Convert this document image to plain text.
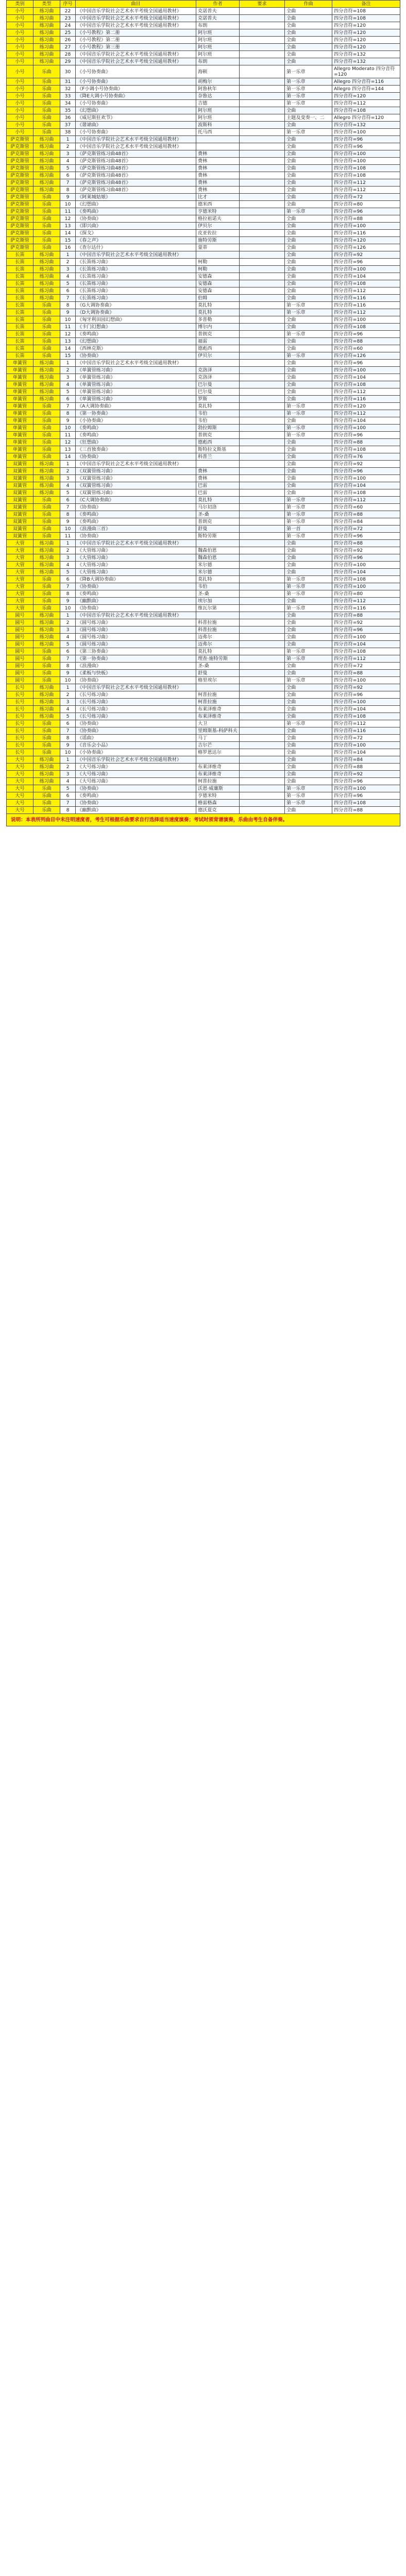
类别	类型	序号	曲目	作者	要求	作曲	备注
小号	练习曲	22	《中国音乐学院社会艺术水平考级全国通用教材》	克诺普夫		全曲	四分音符=108
小号	练习曲	23	《中国音乐学院社会艺术水平考级全国通用教材》	克诺普夫		全曲	四分音符=108
小号	练习曲	24	《中国音乐学院社会艺术水平考级全国通用教材》	布朗		全曲	四分音符=120
小号	练习曲	25	《小号教程》第二册	阿尔班		全曲	四分音符=120
小号	练习曲	26	《小号教程》第二册	阿尔班		全曲	四分音符=120
小号	练习曲	27	《小号教程》第三册	阿尔班		全曲	四分音符=120
小号	练习曲	28	《中国音乐学院社会艺术水平考级全国通用教材》	阿尔班		全曲	四分音符=132
小号	练习曲	29	《中国音乐学院社会艺术水平考级全国通用教材》	布朗		全曲	四分音符=132
小号	乐曲	30	《小号协奏曲》	海顿		第一乐章	Allegro Moderato 四分音符=120
小号	乐曲	31	《小号协奏曲》	胡梅尔		第一乐章	Allegro 四分音符=116
小号	乐曲	32	《F小调小号协奏曲》	阿鲁秋年		第一乐章	Allegro 四分音符=144
小号	乐曲	33	《降E大调小号协奏曲》	奈鲁达		第一乐章	四分音符=120
小号	乐曲	34	《小号协奏曲》	吉德		第一乐章	四分音符=112
小号	乐曲	35	《幻想曲》	阿尔班		全曲	四分音符=108
小号	乐曲	36	《威尼斯狂欢节》	阿尔班		主题及变奏一、二	Allegro 四分音符=120
小号	乐曲	37	《谐谑曲》	波斯科		全曲	四分音符=132
小号	乐曲	38	《小号协奏曲》	托马西		第一乐章	四分音符=100
萨克斯管	练习曲	1	《中国音乐学院社会艺术水平考级全国通用教材》			全曲	四分音符=96
萨克斯管	练习曲	2	《中国音乐学院社会艺术水平考级全国通用教材》			全曲	四分音符=96
萨克斯管	练习曲	3	《萨克斯管练习曲48首》	费林		全曲	四分音符=100
萨克斯管	练习曲	4	《萨克斯管练习曲48首》	费林		全曲	四分音符=100
萨克斯管	练习曲	5	《萨克斯管练习曲48首》	费林		全曲	四分音符=108
萨克斯管	练习曲	6	《萨克斯管练习曲48首》	费林		全曲	四分音符=108
萨克斯管	练习曲	7	《萨克斯管练习曲48首》	费林		全曲	四分音符=112
萨克斯管	练习曲	8	《萨克斯管练习曲48首》	费林		全曲	四分音符=112
萨克斯管	乐曲	9	《阿莱城姑娘》	比才		全曲	四分音符=72
萨克斯管	乐曲	10	《幻想曲》	德米西		全曲	四分音符=80
萨克斯管	乐曲	11	《奏鸣曲》	亨德米特		第一乐章	四分音符=96
萨克斯管	乐曲	12	《协奏曲》	格拉祖诺夫		全曲	四分音符=88
萨克斯管	乐曲	13	《即兴曲》	伊贝尔		全曲	四分音符=100
萨克斯管	乐曲	14	《探戈》	皮亚佐拉		全曲	四分音符=116
萨克斯管	乐曲	15	《春之声》	施特劳斯		全曲	四分音符=120
萨克斯管	乐曲	16	《查尔达什》	蒙蒂		全曲	四分音符=126
长笛	练习曲	1	《中国音乐学院社会艺术水平考级全国通用教材》			全曲	四分音符=92
长笛	练习曲	2	《长笛练习曲》	柯勒		全曲	四分音符=96
长笛	练习曲	3	《长笛练习曲》	柯勒		全曲	四分音符=100
长笛	练习曲	4	《长笛练习曲》	安德森		全曲	四分音符=104
长笛	练习曲	5	《长笛练习曲》	安德森		全曲	四分音符=108
长笛	练习曲	6	《长笛练习曲》	安德森		全曲	四分音符=112
长笛	练习曲	7	《长笛练习曲》	伯姆		全曲	四分音符=116
长笛	乐曲	8	《G大调协奏曲》	莫扎特		第一乐章	四分音符=116
长笛	乐曲	9	《D大调协奏曲》	莫扎特		第一乐章	四分音符=112
长笛	乐曲	10	《匈牙利田园幻想曲》	多普勒		全曲	四分音符=100
长笛	乐曲	11	《卡门幻想曲》	博尔内		全曲	四分音符=108
长笛	乐曲	12	《奏鸣曲》	普朗克		第一乐章	四分音符=96
长笛	乐曲	13	《幻想曲》	福雷		全曲	四分音符=88
长笛	乐曲	14	《西林克斯》	德彪西		全曲	四分音符=60
长笛	乐曲	15	《协奏曲》	伊贝尔		第一乐章	四分音符=126
单簧管	练习曲	1	《中国音乐学院社会艺术水平考级全国通用教材》			全曲	四分音符=96
单簧管	练习曲	2	《单簧管练习曲》	克洛泽		全曲	四分音符=100
单簧管	练习曲	3	《单簧管练习曲》	克洛泽		全曲	四分音符=104
单簧管	练习曲	4	《单簧管练习曲》	巴尔曼		全曲	四分音符=108
单簧管	练习曲	5	《单簧管练习曲》	巴尔曼		全曲	四分音符=112
单簧管	练习曲	6	《单簧管练习曲》	罗斯		全曲	四分音符=116
单簧管	乐曲	7	《A大调协奏曲》	莫扎特		第一乐章	四分音符=120
单簧管	乐曲	8	《第一协奏曲》	韦伯		第一乐章	四分音符=112
单簧管	乐曲	9	《小协奏曲》	韦伯		全曲	四分音符=104
单簧管	乐曲	10	《奏鸣曲》	勃拉姆斯		第一乐章	四分音符=100
单簧管	乐曲	11	《奏鸣曲》	普朗克		第一乐章	四分音符=96
单簧管	乐曲	12	《狂想曲》	德彪西		全曲	四分音符=88
单簧管	乐曲	13	《三首独奏曲》	斯特拉文斯基		全曲	四分音符=108
单簧管	乐曲	14	《协奏曲》	科普兰		全曲	四分音符=76
双簧管	练习曲	1	《中国音乐学院社会艺术水平考级全国通用教材》			全曲	四分音符=92
双簧管	练习曲	2	《双簧管练习曲》	费林		全曲	四分音符=96
双簧管	练习曲	3	《双簧管练习曲》	费林		全曲	四分音符=100
双簧管	练习曲	4	《双簧管练习曲》	巴雷		全曲	四分音符=104
双簧管	练习曲	5	《双簧管练习曲》	巴雷		全曲	四分音符=108
双簧管	乐曲	6	《C大调协奏曲》	莫扎特		第一乐章	四分音符=112
双簧管	乐曲	7	《协奏曲》	马尔切洛		第一乐章	四分音符=60
双簧管	乐曲	8	《奏鸣曲》	圣-桑		第一乐章	四分音符=88
双簧管	乐曲	9	《奏鸣曲》	普朗克		第一乐章	四分音符=84
双簧管	乐曲	10	《浪漫曲三首》	舒曼		第一首	四分音符=72
双簧管	乐曲	11	《协奏曲》	斯特劳斯		第一乐章	四分音符=96
大管	练习曲	1	《中国音乐学院社会艺术水平考级全国通用教材》			全曲	四分音符=88
大管	练习曲	2	《大管练习曲》	魏森伯恩		全曲	四分音符=92
大管	练习曲	3	《大管练习曲》	魏森伯恩		全曲	四分音符=96
大管	练习曲	4	《大管练习曲》	米尔德		全曲	四分音符=100
大管	练习曲	5	《大管练习曲》	米尔德		全曲	四分音符=104
大管	乐曲	6	《降B大调协奏曲》	莫扎特		第一乐章	四分音符=108
大管	乐曲	7	《协奏曲》	韦伯		第一乐章	四分音符=100
大管	乐曲	8	《奏鸣曲》	圣-桑		第一乐章	四分音符=80
大管	乐曲	9	《幽默曲》	埃尔加		全曲	四分音符=112
大管	乐曲	10	《协奏曲》	维瓦尔第		第一乐章	四分音符=116
圆号	练习曲	1	《中国音乐学院社会艺术水平考级全国通用教材》			全曲	四分音符=88
圆号	练习曲	2	《圆号练习曲》	科普拉施		全曲	四分音符=92
圆号	练习曲	3	《圆号练习曲》	科普拉施		全曲	四分音符=96
圆号	练习曲	4	《圆号练习曲》	迈弗尔		全曲	四分音符=100
圆号	练习曲	5	《圆号练习曲》	迈弗尔		全曲	四分音符=104
圆号	乐曲	6	《第三协奏曲》	莫扎特		第一乐章	四分音符=108
圆号	乐曲	7	《第一协奏曲》	理查·施特劳斯		第一乐章	四分音符=112
圆号	乐曲	8	《浪漫曲》	圣-桑		全曲	四分音符=72
圆号	乐曲	9	《柔板与快板》	舒曼		全曲	四分音符=88
圆号	乐曲	10	《协奏曲》	格里埃尔		第一乐章	四分音符=100
长号	练习曲	1	《中国音乐学院社会艺术水平考级全国通用教材》			全曲	四分音符=92
长号	练习曲	2	《长号练习曲》	柯普拉施		全曲	四分音符=96
长号	练习曲	3	《长号练习曲》	柯普拉施		全曲	四分音符=100
长号	练习曲	4	《长号练习曲》	布莱泽维奇		全曲	四分音符=104
长号	练习曲	5	《长号练习曲》	布莱泽维奇		全曲	四分音符=108
长号	乐曲	6	《协奏曲》	大卫		第一乐章	四分音符=112
长号	乐曲	7	《协奏曲》	里姆斯基-科萨科夫		全曲	四分音符=116
长号	乐曲	8	《谣曲》	马丁		全曲	四分音符=72
长号	乐曲	9	《音乐会小品》	吉尔芒		全曲	四分音符=100
长号	乐曲	10	《小协奏曲》	格罗恩达尔		全曲	四分音符=104
大号	练习曲	1	《中国音乐学院社会艺术水平考级全国通用教材》			全曲	四分音符=84
大号	练习曲	2	《大号练习曲》	布莱泽维奇		全曲	四分音符=88
大号	练习曲	3	《大号练习曲》	布莱泽维奇		全曲	四分音符=92
大号	练习曲	4	《大号练习曲》	柯普拉施		全曲	四分音符=96
大号	乐曲	5	《协奏曲》	沃恩·威廉斯		第一乐章	四分音符=100
大号	乐曲	6	《奏鸣曲》	亨德米特		第一乐章	四分音符=96
大号	乐曲	7	《协奏曲》	格雷格森		第一乐章	四分音符=108
大号	乐曲	8	《幽默曲》	德沃夏克		全曲	四分音符=88
说明：本表所列曲目中未注明速度者，考生可根据乐曲要求自行选择适当速度演奏；考试时须背谱演奏，乐曲由考生自备伴奏。							
